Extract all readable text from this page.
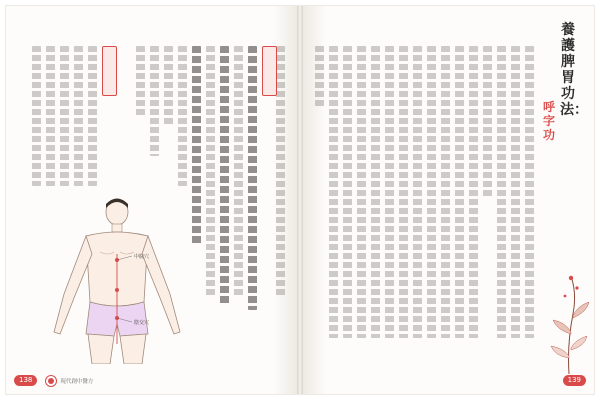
中脘穴
陰交穴
138	現代創中醫方
養護脾胃功法：
呼字功
139
